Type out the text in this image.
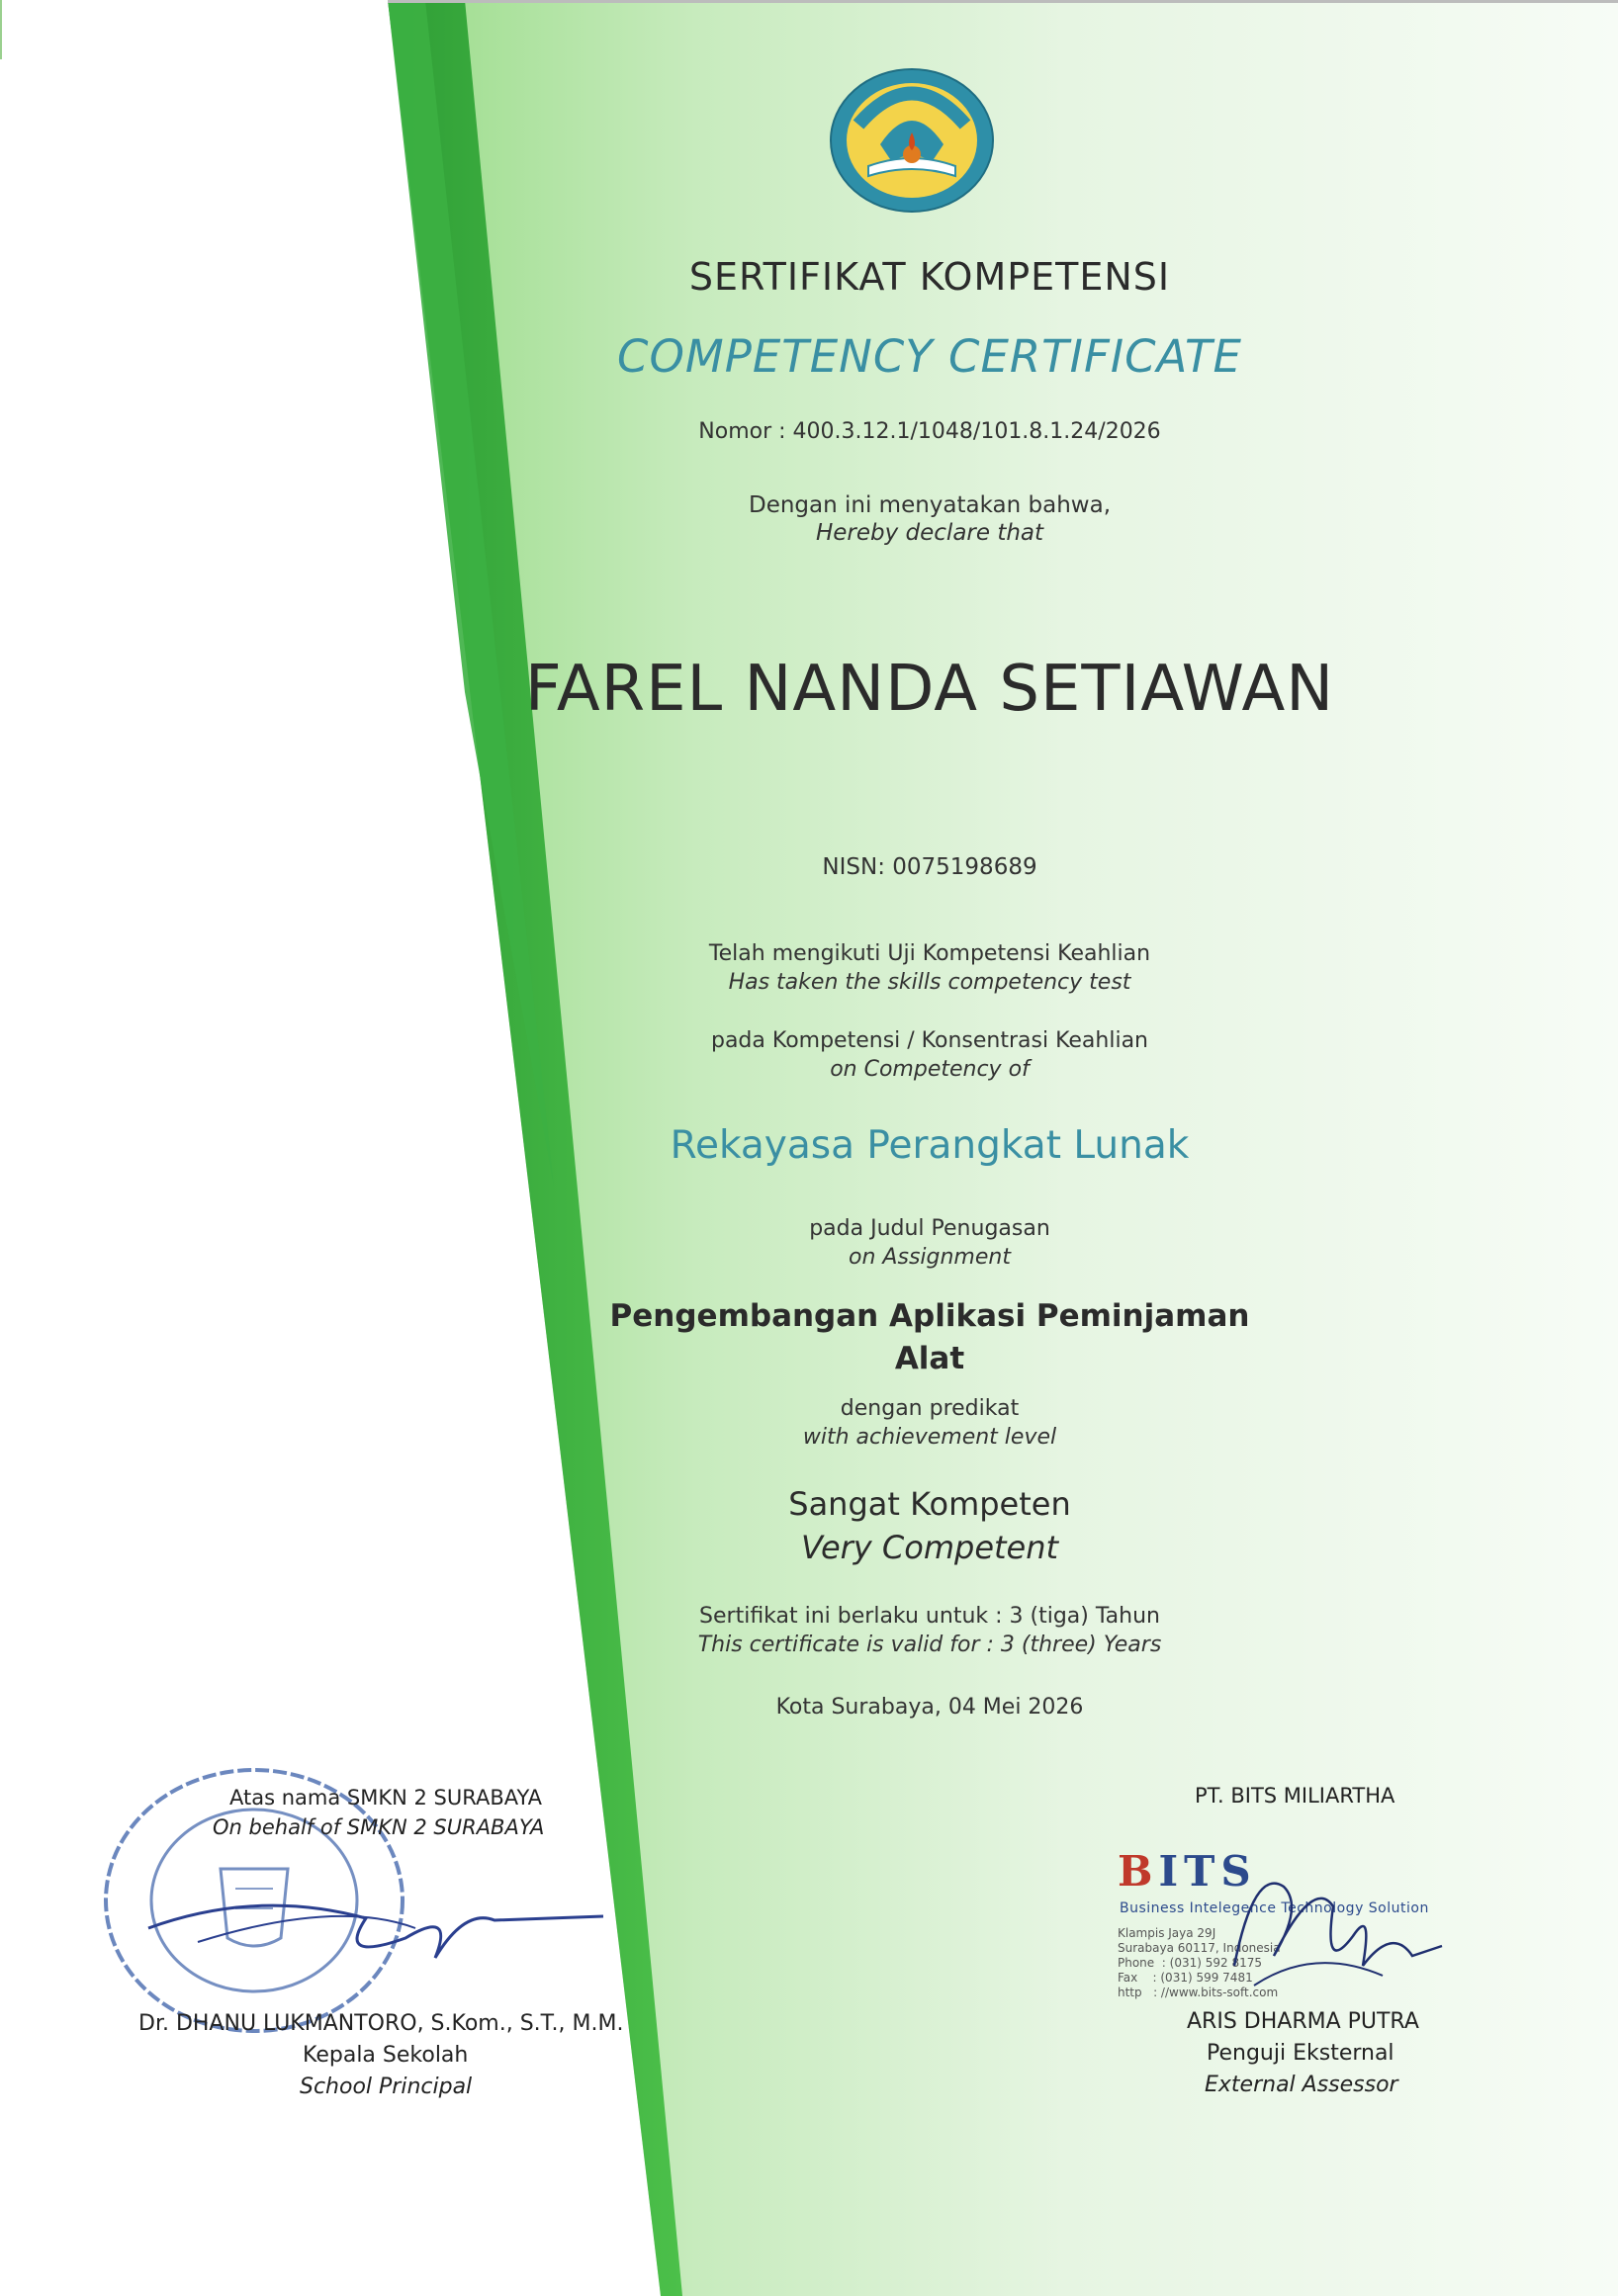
SERTIFIKAT KOMPETENSI
COMPETENCY CERTIFICATE
Nomor : 400.3.12.1/1048/101.8.1.24/2026
Dengan ini menyatakan bahwa,
Hereby declare that
FAREL NANDA SETIAWAN
NISN: 0075198689
Telah mengikuti Uji Kompetensi Keahlian
Has taken the skills competency test
pada Kompetensi / Konsentrasi Keahlian
on Competency of
Rekayasa Perangkat Lunak
pada Judul Penugasan
on Assignment
Pengembangan Aplikasi Peminjaman
Alat
dengan predikat
with achievement level
Sangat Kompeten
Very Competent
Sertifikat ini berlaku untuk : 3 (tiga) Tahun
This certificate is valid for : 3 (three) Years
Kota Surabaya, 04 Mei 2026
Atas nama SMKN 2 SURABAYA
On behalf of SMKN 2 SURABAYA
Dr. DHANU LUKMANTORO, S.Kom., S.T., M.M.
Kepala Sekolah
School Principal
PT. BITS MILIARTHA
BITS
Business Intelegence Technology Solution
Klampis Jaya 29J
Surabaya 60117, Indonesia
Phone  : (031) 592 8175
Fax    : (031) 599 7481
http   : //www.bits-soft.com
ARIS DHARMA PUTRA
Penguji Eksternal
External Assessor
